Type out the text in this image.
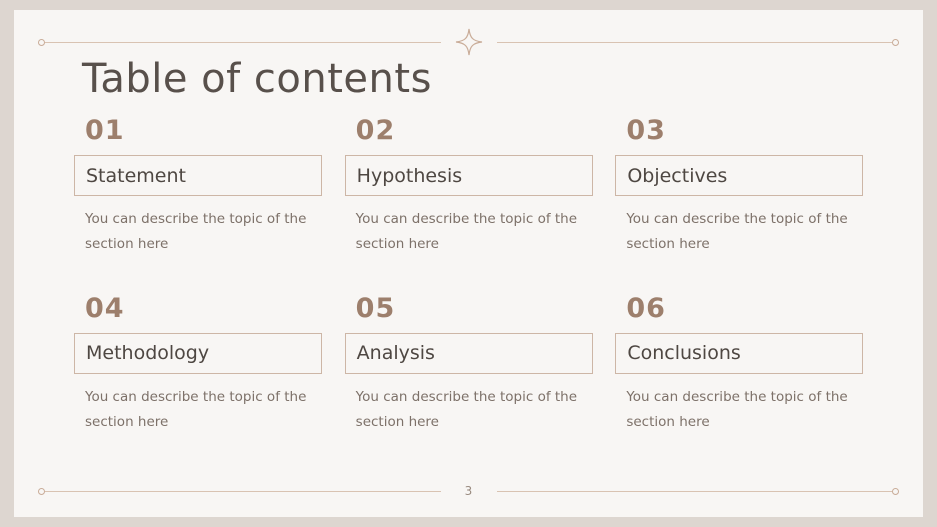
Table of contents
01
Statement
You can describe the topic of the section here
02
Hypothesis
You can describe the topic of the section here
03
Objectives
You can describe the topic of the section here
04
Methodology
You can describe the topic of the section here
05
Analysis
You can describe the topic of the section here
06
Conclusions
You can describe the topic of the section here
3
